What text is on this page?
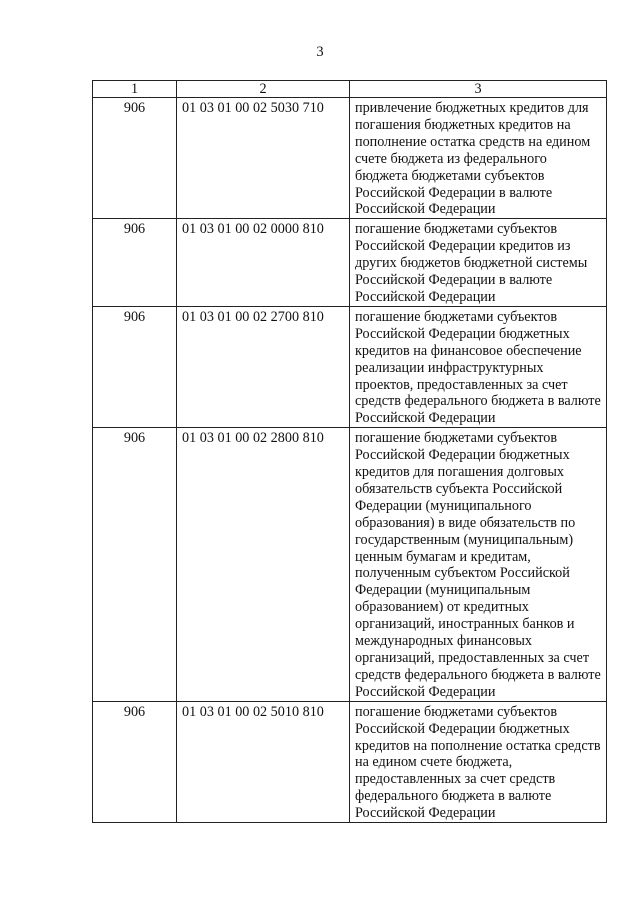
3
1	2	3
906	01 03 01 00 02 5030 710	привлечение бюджетных кредитов для погашения бюджетных кредитов на пополнение остатка средств на едином счете бюджета из федерального бюджета бюджетами субъектов Российской Федерации в валюте Российской Федерации
906	01 03 01 00 02 0000 810	погашение бюджетами субъектов Российской Федерации кредитов из других бюджетов бюджетной системы Российской Федерации в валюте Российской Федерации
906	01 03 01 00 02 2700 810	погашение бюджетами субъектов Российской Федерации бюджетных кредитов на финансовое обеспечение реализации инфраструктурных проектов, предоставленных за счет средств федерального бюджета в валюте Российской Федерации
906	01 03 01 00 02 2800 810	погашение бюджетами субъектов Российской Федерации бюджетных кредитов для погашения долговых обязательств субъекта Российской Федерации (муниципального образования) в виде обязательств по государственным (муниципальным) ценным бумагам и кредитам, полученным субъектом Российской Федерации (муниципальным образованием) от кредитных организаций, иностранных банков и международных финансовых организаций, предоставленных за счет средств федерального бюджета в валюте Российской Федерации
906	01 03 01 00 02 5010 810	погашение бюджетами субъектов Российской Федерации бюджетных кредитов на пополнение остатка средств на едином счете бюджета, предоставленных за счет средств федерального бюджета в валюте Российской Федерации
